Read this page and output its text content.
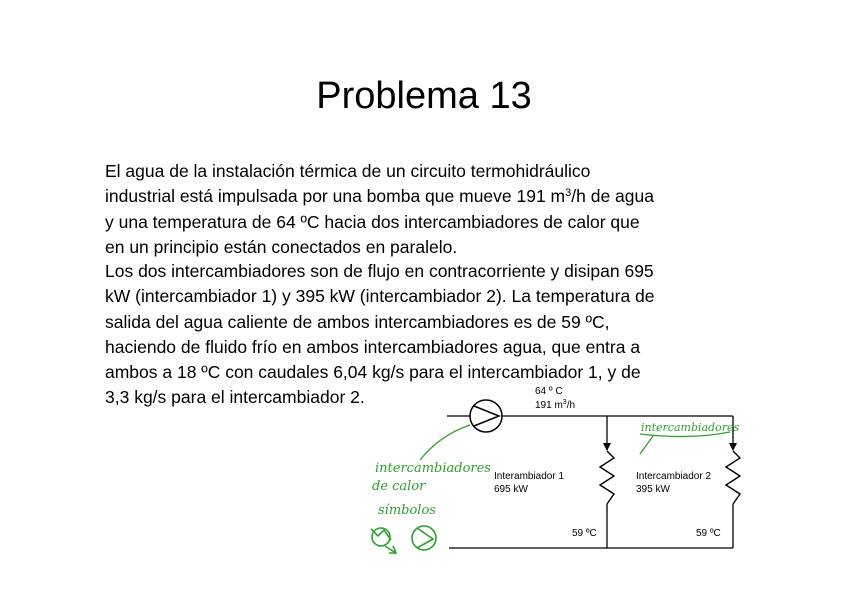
Problema 13
El agua de la instalación térmica de un circuito termohidráulico
industrial está impulsada por una bomba que mueve 191 $m^3/h$ de agua
y una temperatura de 64 ºC hacia dos intercambiadores de calor que
en un principio están conectados en paralelo.
Los dos intercambiadores son de flujo en contracorriente y disipan 695
kW (intercambiador 1) y 395 kW (intercambiador 2). La temperatura de
salida del agua caliente de ambos intercambiadores es de 59 ºC,
haciendo de fluido frío en ambos intercambiadores agua, que entra a
ambos a 18 ºC con caudales 6,04 kg/s para el intercambiador 1, y de
3,3 kg/s para el intercambiador 2.	64 º C
191 $m^3/h$
Interambiador 1
695 kW
Intercambiador 2
395 kW
59 ºC	59 ºC
intercambiadores
intercambiadores
de calor
símbolos
